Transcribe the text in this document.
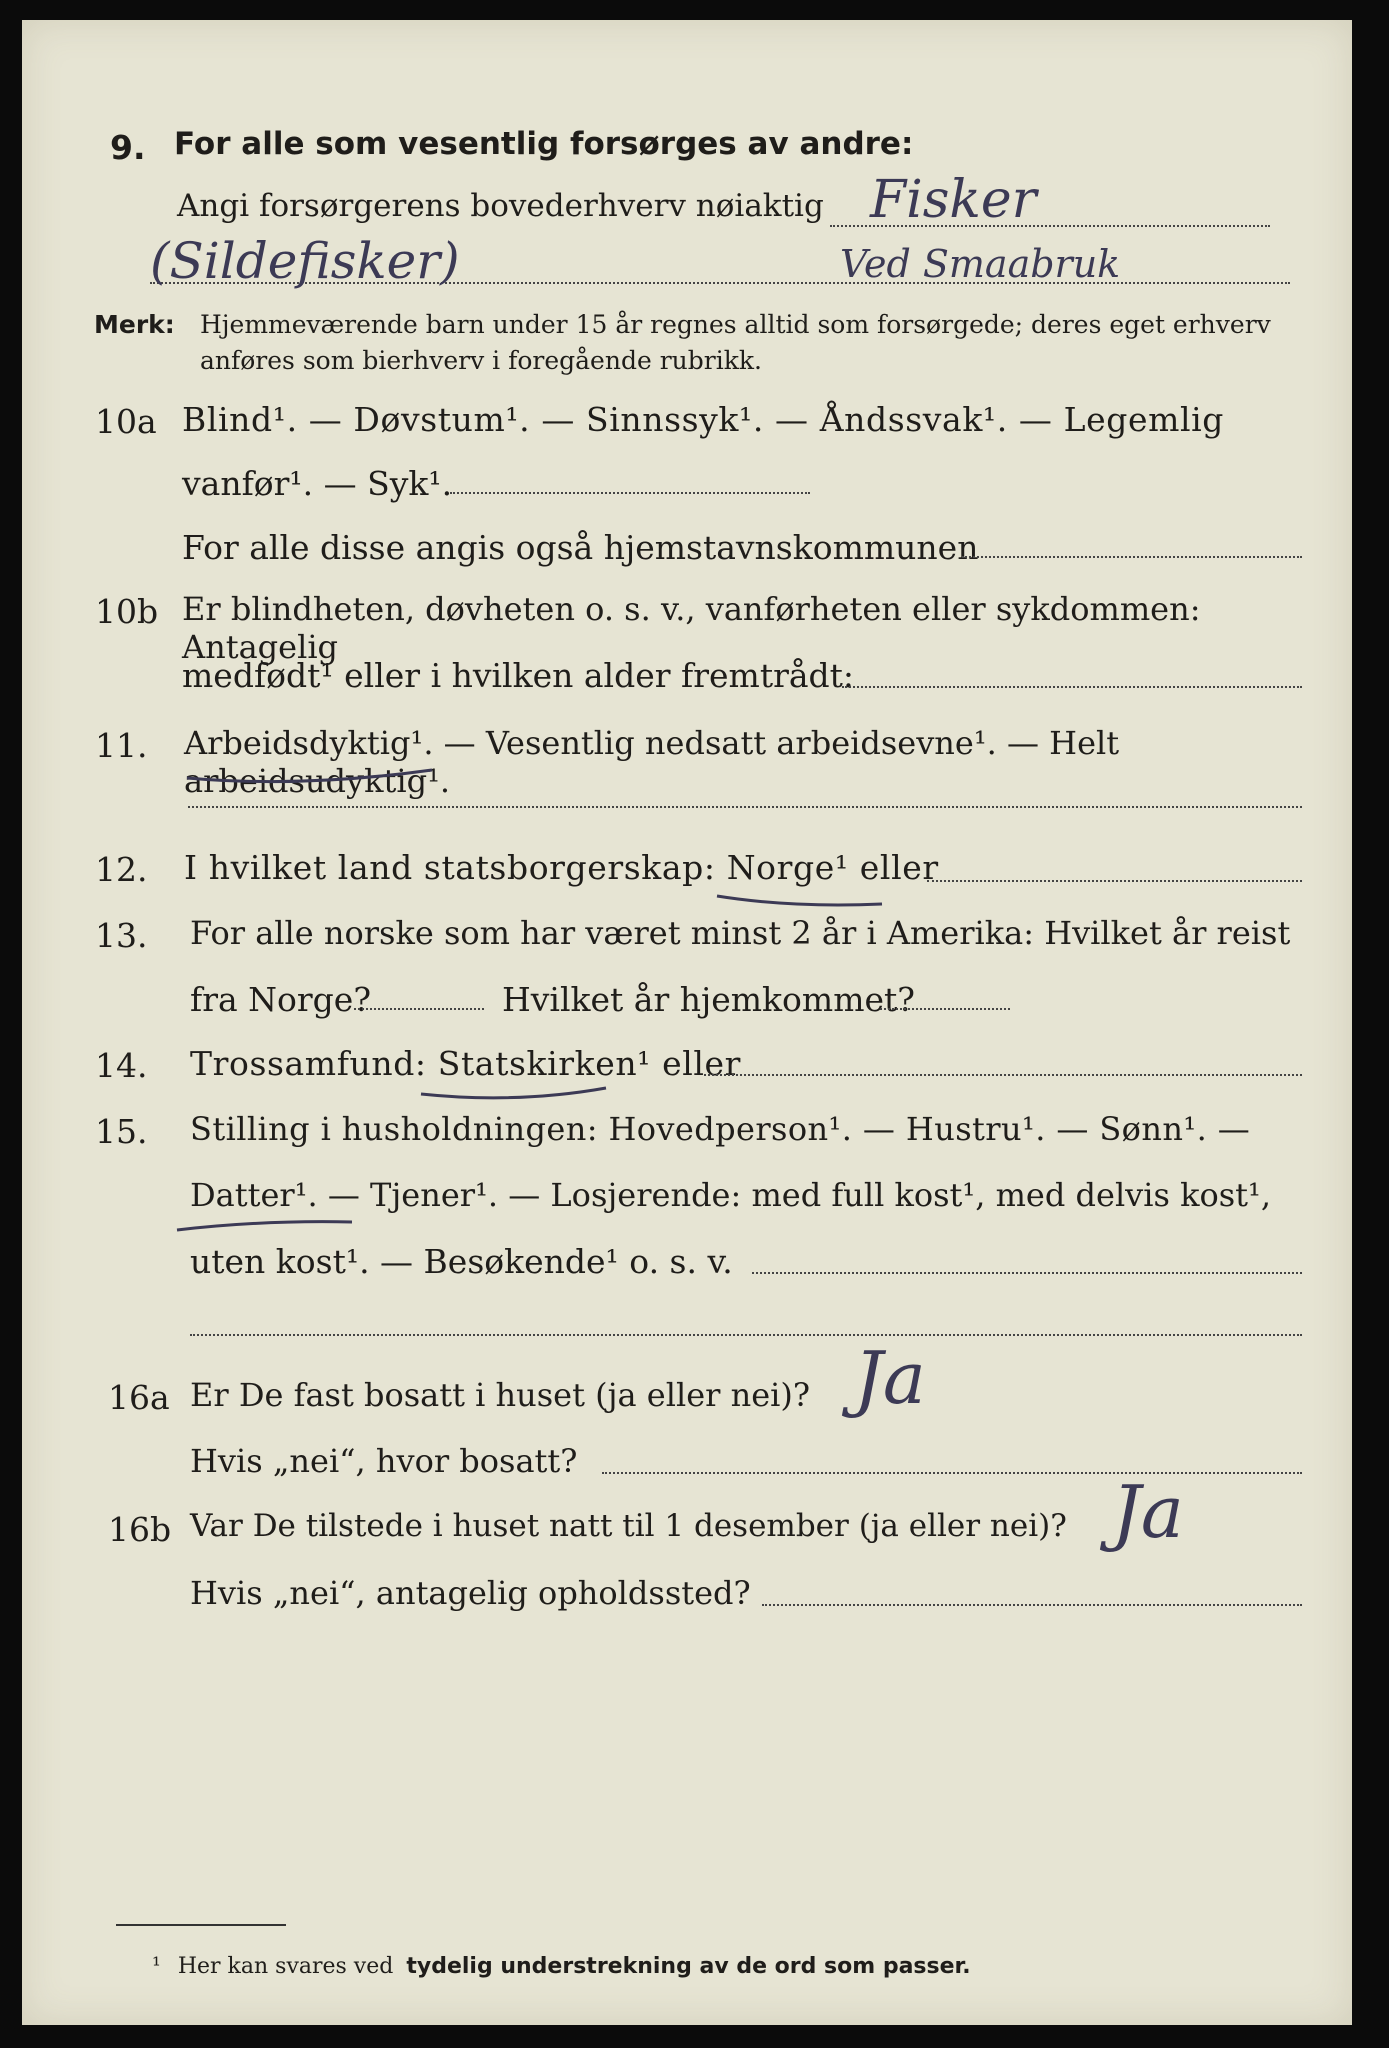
9. For alle som vesentlig forsørges av andre:
Angi forsørgerens bovederhverv nøiaktig Fisker
(Sildefisker)	Ved Smaabruk
Merk: Hjemmeværende barn under 15 år regnes alltid som forsørgede; deres eget erhverv
anføres som bierhverv i foregående rubrikk.
10a Blind¹. — Døvstum¹. — Sinnssyk¹. — Åndssvak¹. — Legemlig
vanfør¹. — Syk¹.
For alle disse angis også hjemstavnskommunen
10b Er blindheten, døvheten o. s. v., vanførheten eller sykdommen: Antagelig
medfødt¹ eller i hvilken alder fremtrådt:
11. Arbeidsdyktig¹. — Vesentlig nedsatt arbeidsevne¹. — Helt arbeidsudyktig¹.
12. I hvilket land statsborgerskap: Norge¹ eller
13. For alle norske som har været minst 2 år i Amerika: Hvilket år reist
fra Norge?	Hvilket år hjemkommet?
14. Trossamfund: Statskirken¹ eller
15. Stilling i husholdningen: Hovedperson¹. — Hustru¹. — Sønn¹. —
Datter¹. — Tjener¹. — Losjerende: med full kost¹, med delvis kost¹,
uten kost¹. — Besøkende¹ o. s. v.
16a Er De fast bosatt i huset (ja eller nei)? Ja
Hvis „nei“, hvor bosatt?
16b Var De tilstede i huset natt til 1 desember (ja eller nei)? Ja
Hvis „nei“, antagelig opholdssted?
¹ Her kan svares ved tydelig understrekning av de ord som passer.
